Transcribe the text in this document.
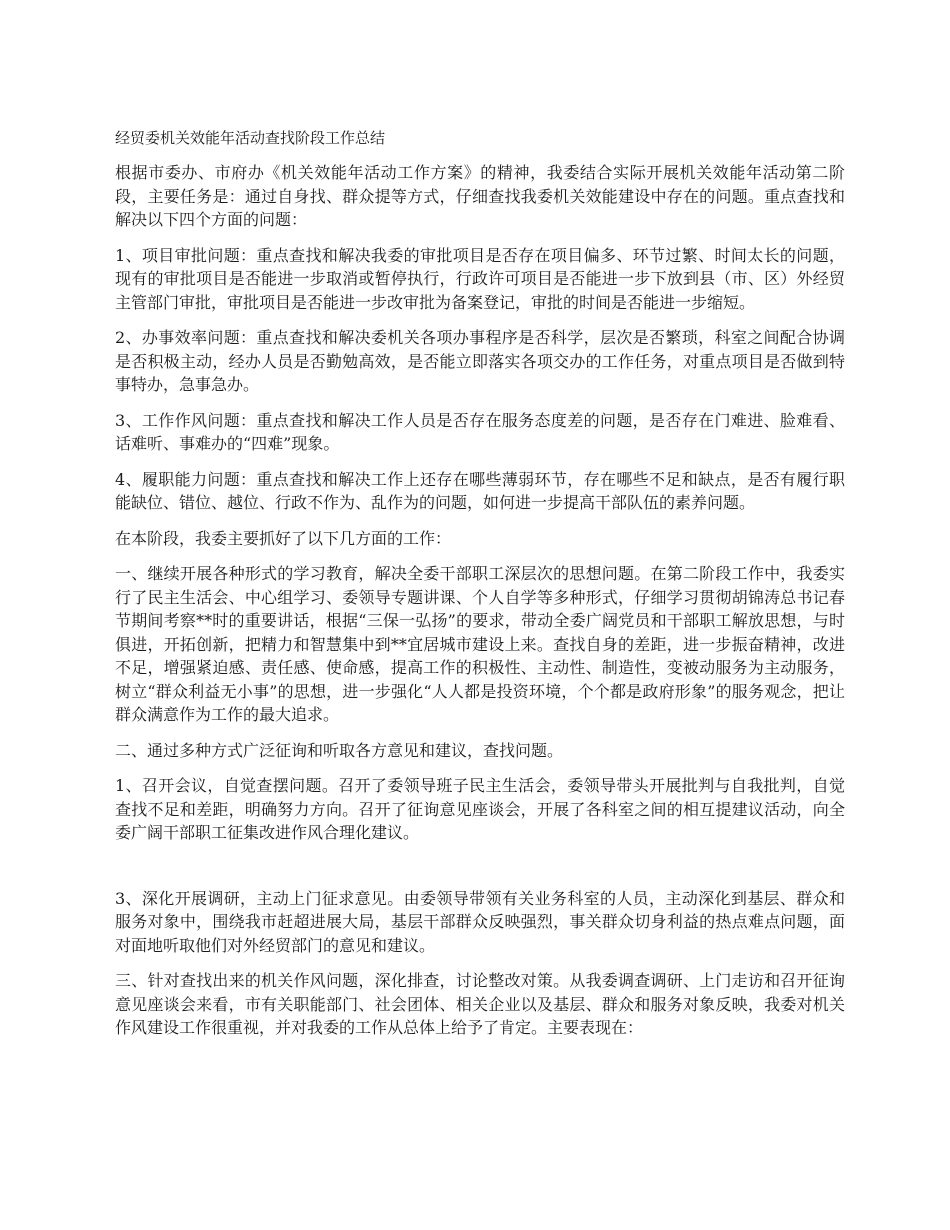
经贸委机关效能年活动查找阶段工作总结

根据市委办、市府办《机关效能年活动工作方案》的精神，我委结合实际开展机关效能年活动第二阶段，主要任务是：通过自身找、群众提等方式，仔细查找我委机关效能建设中存在的问题。重点查找和解决以下四个方面的问题：

1、项目审批问题：重点查找和解决我委的审批项目是否存在项目偏多、环节过繁、时间太长的问题，现有的审批项目是否能进一步取消或暂停执行，行政许可项目是否能进一步下放到县（市、区）外经贸主管部门审批，审批项目是否能进一步改审批为备案登记，审批的时间是否能进一步缩短。

2、办事效率问题：重点查找和解决委机关各项办事程序是否科学，层次是否繁琐，科室之间配合协调是否积极主动，经办人员是否勤勉高效，是否能立即落实各项交办的工作任务，对重点项目是否做到特事特办，急事急办。

3、工作作风问题：重点查找和解决工作人员是否存在服务态度差的问题，是否存在门难进、脸难看、话难听、事难办的“四难”现象。

4、履职能力问题：重点查找和解决工作上还存在哪些薄弱环节，存在哪些不足和缺点，是否有履行职能缺位、错位、越位、行政不作为、乱作为的问题，如何进一步提高干部队伍的素养问题。

在本阶段，我委主要抓好了以下几方面的工作：

一、继续开展各种形式的学习教育，解决全委干部职工深层次的思想问题。在第二阶段工作中，我委实行了民主生活会、中心组学习、委领导专题讲课、个人自学等多种形式，仔细学习贯彻胡锦涛总书记春节期间考察**时的重要讲话，根据“三保一弘扬”的要求，带动全委广阔党员和干部职工解放思想，与时俱进，开拓创新，把精力和智慧集中到**宜居城市建设上来。查找自身的差距，进一步振奋精神，改进不足，增强紧迫感、责任感、使命感，提高工作的积极性、主动性、制造性，变被动服务为主动服务，树立“群众利益无小事”的思想，进一步强化“人人都是投资环境，个个都是政府形象”的服务观念，把让群众满意作为工作的最大追求。

二、通过多种方式广泛征询和听取各方意见和建议，查找问题。

1、召开会议，自觉查摆问题。召开了委领导班子民主生活会，委领导带头开展批判与自我批判，自觉查找不足和差距，明确努力方向。召开了征询意见座谈会，开展了各科室之间的相互提建议活动，向全委广阔干部职工征集改进作风合理化建议。

3、深化开展调研，主动上门征求意见。由委领导带领有关业务科室的人员，主动深化到基层、群众和服务对象中，围绕我市赶超进展大局，基层干部群众反映强烈，事关群众切身利益的热点难点问题，面对面地听取他们对外经贸部门的意见和建议。

三、针对查找出来的机关作风问题，深化排查，讨论整改对策。从我委调查调研、上门走访和召开征询意见座谈会来看，市有关职能部门、社会团体、相关企业以及基层、群众和服务对象反映，我委对机关作风建设工作很重视，并对我委的工作从总体上给予了肯定。主要表现在：
